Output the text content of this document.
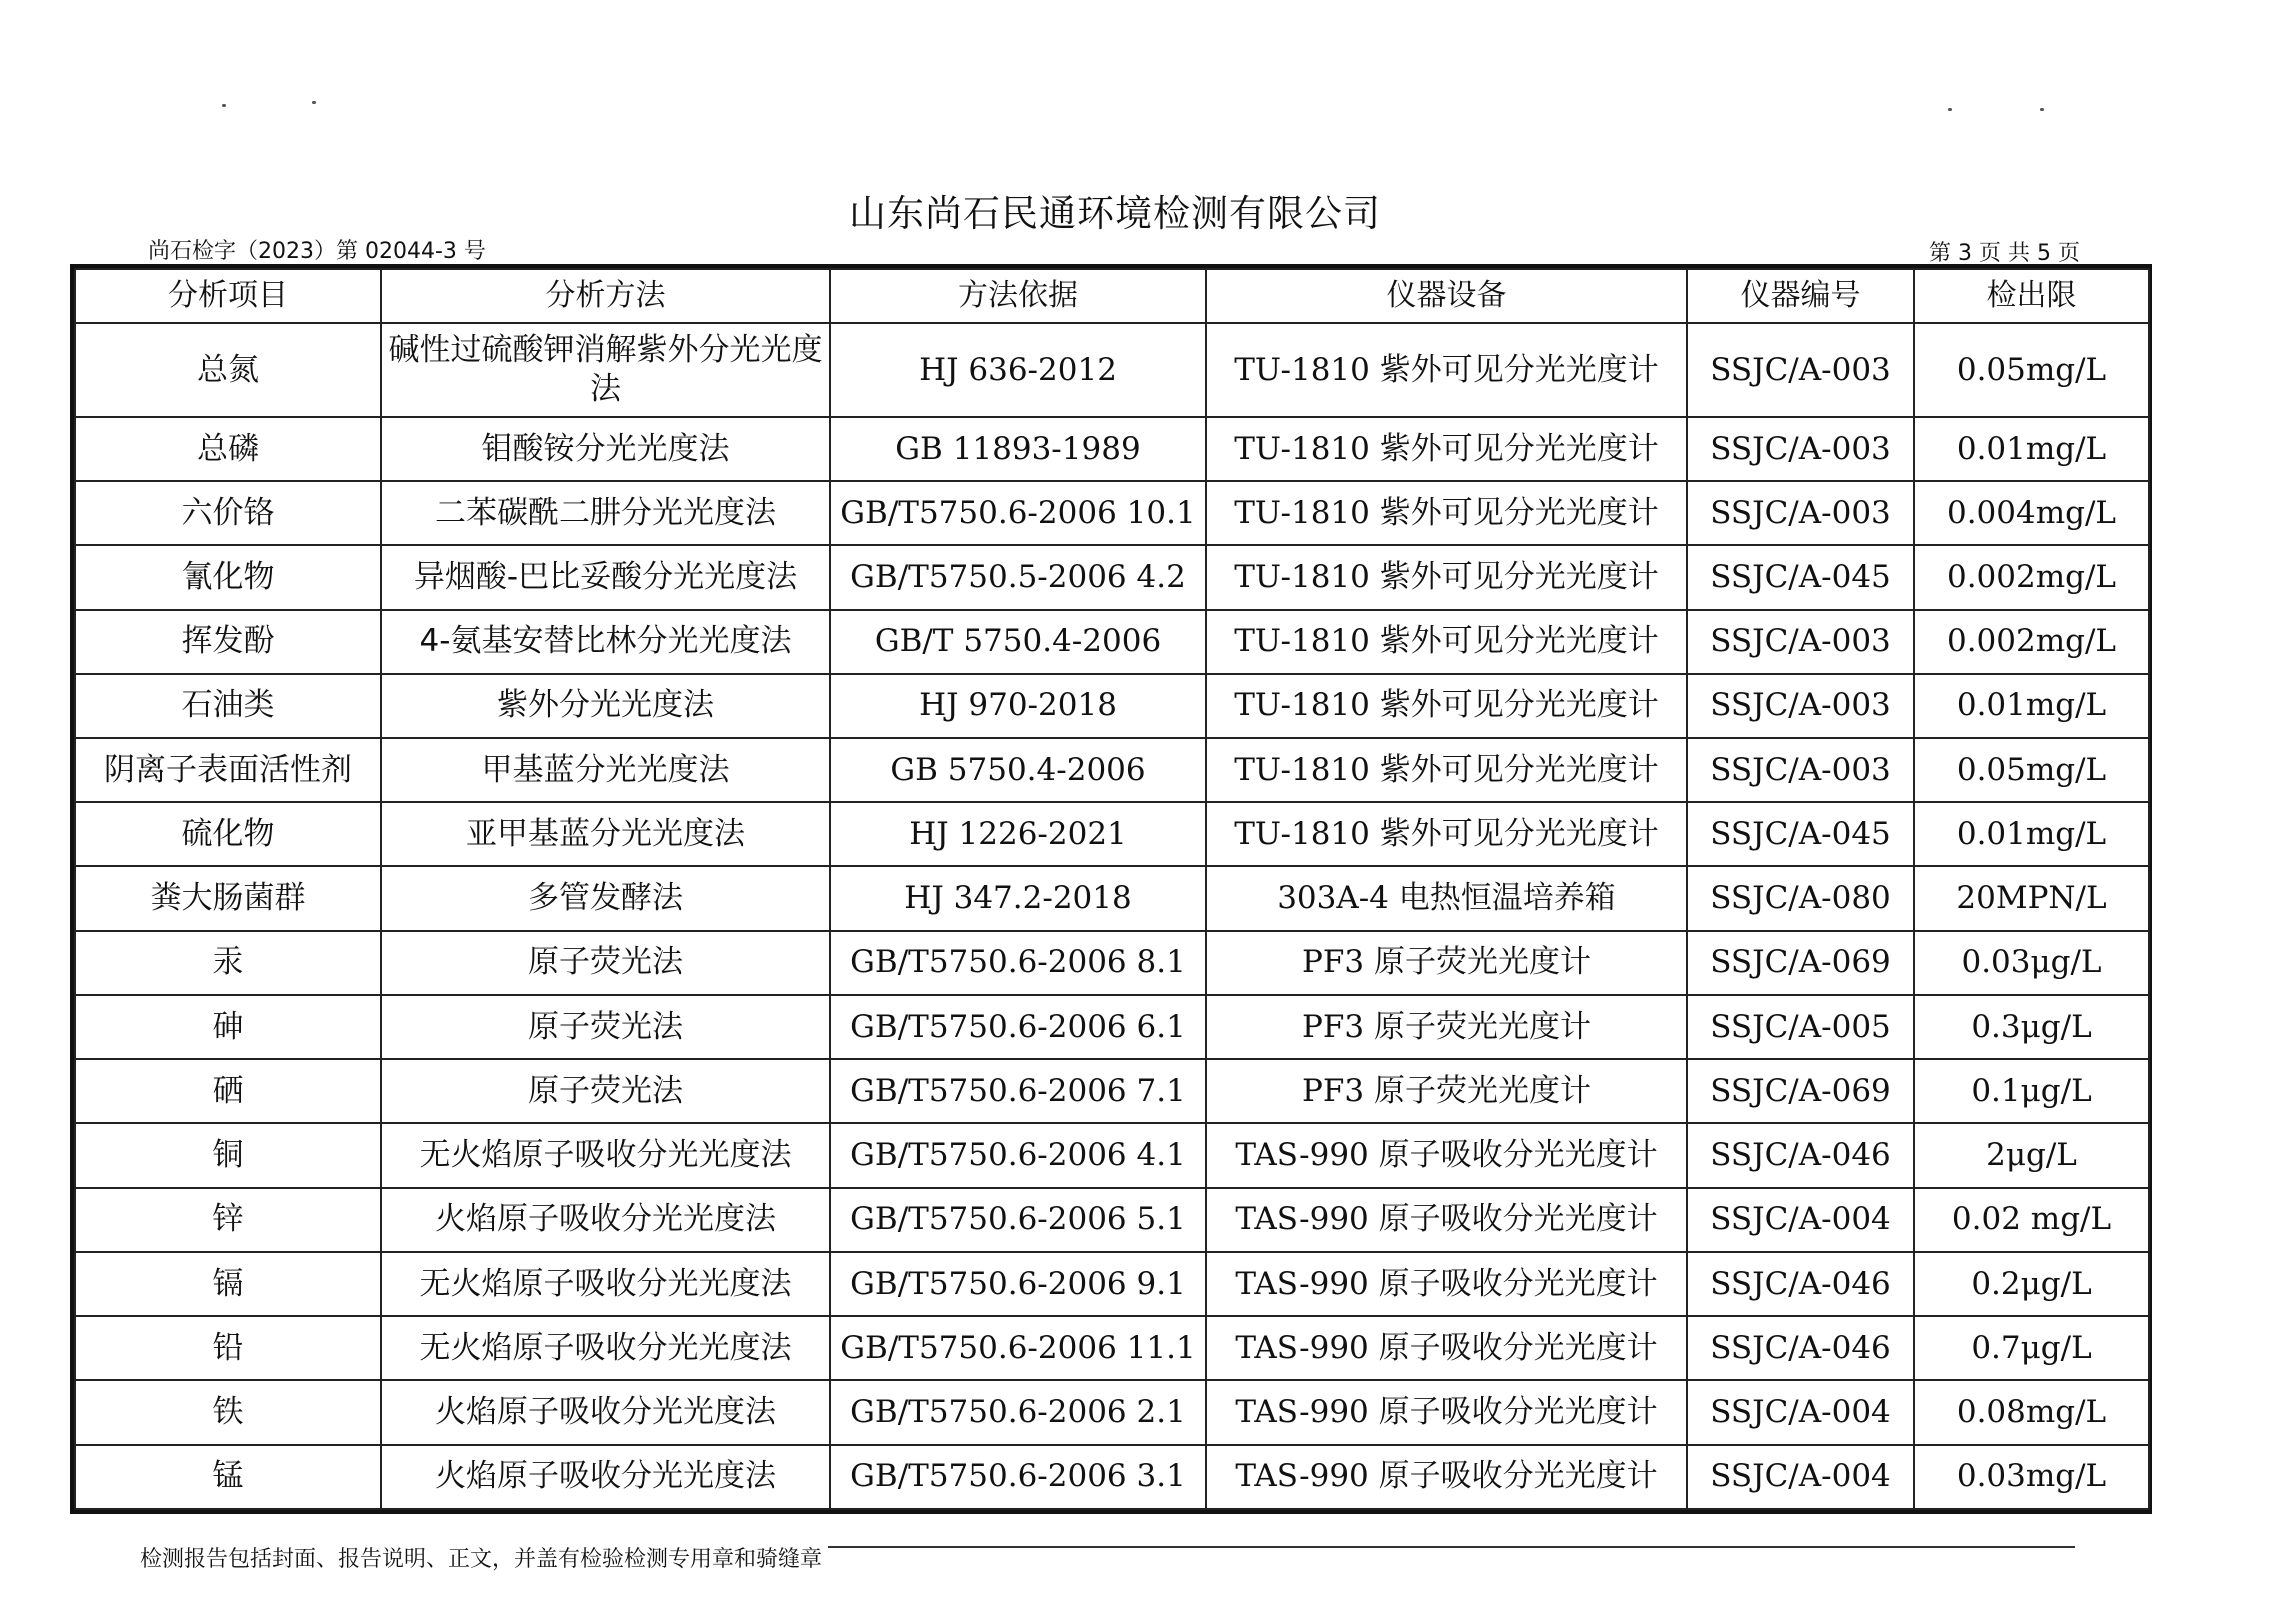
山东尚石民通环境检测有限公司
尚石检字（2023）第 02044-3 号	第 3 页 共 5 页
分析项目	分析方法	方法依据	仪器设备	仪器编号	检出限
总氮	碱性过硫酸钾消解紫外分光光度法	HJ 636-2012	TU-1810 紫外可见分光光度计	SSJC/A-003	0.05mg/L
总磷	钼酸铵分光光度法	GB 11893-1989	TU-1810 紫外可见分光光度计	SSJC/A-003	0.01mg/L
六价铬	二苯碳酰二肼分光光度法	GB/T5750.6-2006 10.1	TU-1810 紫外可见分光光度计	SSJC/A-003	0.004mg/L
氰化物	异烟酸-巴比妥酸分光光度法	GB/T5750.5-2006 4.2	TU-1810 紫外可见分光光度计	SSJC/A-045	0.002mg/L
挥发酚	4-氨基安替比林分光光度法	GB/T 5750.4-2006	TU-1810 紫外可见分光光度计	SSJC/A-003	0.002mg/L
石油类	紫外分光光度法	HJ 970-2018	TU-1810 紫外可见分光光度计	SSJC/A-003	0.01mg/L
阴离子表面活性剂	甲基蓝分光光度法	GB 5750.4-2006	TU-1810 紫外可见分光光度计	SSJC/A-003	0.05mg/L
硫化物	亚甲基蓝分光光度法	HJ 1226-2021	TU-1810 紫外可见分光光度计	SSJC/A-045	0.01mg/L
粪大肠菌群	多管发酵法	HJ 347.2-2018	303A-4 电热恒温培养箱	SSJC/A-080	20MPN/L
汞	原子荧光法	GB/T5750.6-2006 8.1	PF3 原子荧光光度计	SSJC/A-069	0.03μg/L
砷	原子荧光法	GB/T5750.6-2006 6.1	PF3 原子荧光光度计	SSJC/A-005	0.3μg/L
硒	原子荧光法	GB/T5750.6-2006 7.1	PF3 原子荧光光度计	SSJC/A-069	0.1μg/L
铜	无火焰原子吸收分光光度法	GB/T5750.6-2006 4.1	TAS-990 原子吸收分光光度计	SSJC/A-046	2μg/L
锌	火焰原子吸收分光光度法	GB/T5750.6-2006 5.1	TAS-990 原子吸收分光光度计	SSJC/A-004	0.02 mg/L
镉	无火焰原子吸收分光光度法	GB/T5750.6-2006 9.1	TAS-990 原子吸收分光光度计	SSJC/A-046	0.2μg/L
铅	无火焰原子吸收分光光度法	GB/T5750.6-2006 11.1	TAS-990 原子吸收分光光度计	SSJC/A-046	0.7μg/L
铁	火焰原子吸收分光光度法	GB/T5750.6-2006 2.1	TAS-990 原子吸收分光光度计	SSJC/A-004	0.08mg/L
锰	火焰原子吸收分光光度法	GB/T5750.6-2006 3.1	TAS-990 原子吸收分光光度计	SSJC/A-004	0.03mg/L
检测报告包括封面、报告说明、正文，并盖有检验检测专用章和骑缝章
